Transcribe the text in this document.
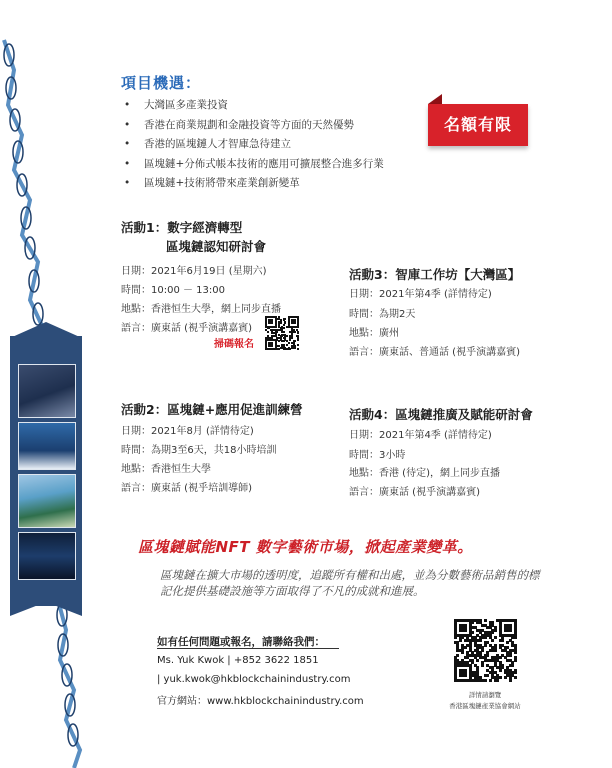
名額有限
項目機遇：
• 大灣區多產業投資
• 香港在商業規劃和金融投資等方面的天然優勢
• 香港的區塊鏈人才智庫急待建立
• 區塊鏈+分佈式帳本技術的應用可擴展整合進多行業
• 區塊鏈+技術將帶來產業創新變革
活動1：數字經濟轉型
區塊鏈認知研討會
日期：2021年6月19日 (星期六)
時間：10:00 － 13:00
地點：香港恒生大學，網上同步直播
語言：廣東話 (視乎演講嘉賓)
掃碼報名
活動3：智庫工作坊【大灣區】
日期：2021年第4季 (詳情待定)
時間：為期2天
地點：廣州
語言：廣東話、普通話 (視乎演講嘉賓)
活動2：區塊鏈+應用促進訓練營
日期：2021年8月 (詳情待定)
時間：為期3至6天，共18小時培訓
地點：香港恒生大學
語言：廣東話 (視乎培訓導師)
活動4：區塊鏈推廣及賦能研討會
日期：2021年第4季 (詳情待定)
時間：3小時
地點：香港 (待定)，網上同步直播
語言：廣東話 (視乎演講嘉賓)
區塊鏈賦能NFT 數字藝術市場，掀起產業變革。
區塊鏈在擴大市場的透明度，追蹤所有權和出處，並為分數藝術品銷售的標記化提供基礎設施等方面取得了不凡的成就和進展。
如有任何問題或報名，請聯絡我們：
Ms. Yuk Kwok | +852 3622 1851
| yuk.kwok@hkblockchainindustry.com
官方網站：www.hkblockchainindustry.com
詳情請瀏覽
香港區塊鏈產業協會網站
